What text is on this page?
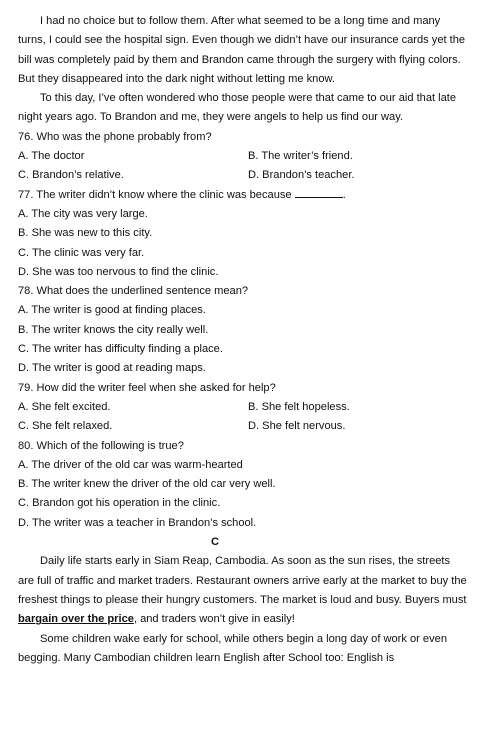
I had no choice but to follow them. After what seemed to be a long time and many turns, I could see the hospital sign. Even though we didn’t have our insurance cards yet the bill was completely paid by them and Brandon came through the surgery with flying colors. But they disappeared into the dark night without letting me know.

To this day, I’ve often wondered who those people were that came to our aid that late night years ago. To Brandon and me, they were angels to help us find our way.

76. Who was the phone probably from?

A. The doctor	B. The writer’s friend.
C. Brandon’s relative.	D. Brandon’s teacher.

77. The writer didn’t know where the clinic was because	.

A. The city was very large.

B. She was new to this city.

C. The clinic was very far.

D. She was too nervous to find the clinic.

78. What does the underlined sentence mean?

A. The writer is good at finding places.

B. The writer knows the city really well.

C. The writer has difficulty finding a place.

D. The writer is good at reading maps.

79. How did the writer feel when she asked for help?

A. She felt excited.	B. She felt hopeless.
C. She felt relaxed.	D. She felt nervous.

80. Which of the following is true?

A. The driver of the old car was warm-hearted

B. The writer knew the driver of the old car very well.

C. Brandon got his operation in the clinic.

D. The writer was a teacher in Brandon’s school.

C

Daily life starts early in Siam Reap, Cambodia. As soon as the sun rises, the streets are full of traffic and market traders. Restaurant owners arrive early at the market to buy the freshest things to please their hungry customers. The market is loud and busy. Buyers must bargain over the price, and traders won’t give in easily!

Some children wake early for school, while others begin a long day of work or even begging. Many Cambodian children learn English after School too: English is
